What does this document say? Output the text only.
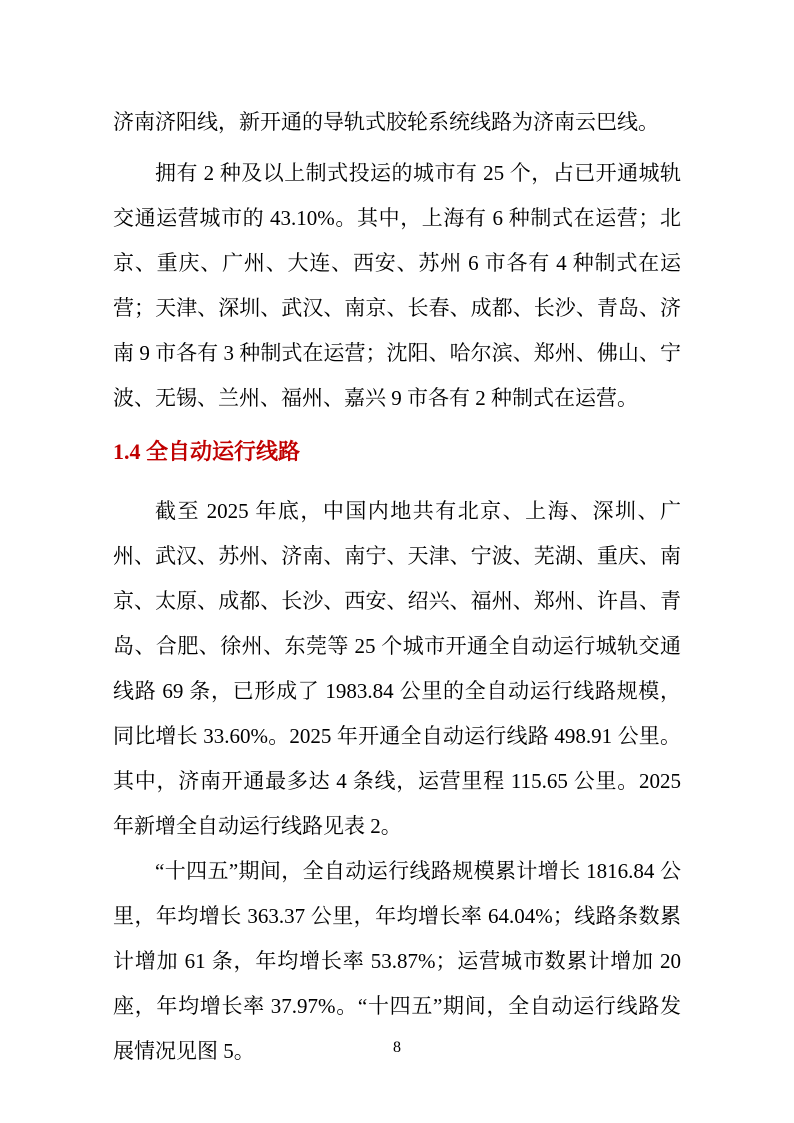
济南济阳线，新开通的导轨式胶轮系统线路为济南云巴线。

拥有 2 种及以上制式投运的城市有 25 个，占已开通城轨交通运营城市的 43.10%。其中，上海有 6 种制式在运营；北京、重庆、广州、大连、西安、苏州 6 市各有 4 种制式在运营；天津、深圳、武汉、南京、长春、成都、长沙、青岛、济南 9 市各有 3 种制式在运营；沈阳、哈尔滨、郑州、佛山、宁波、无锡、兰州、福州、嘉兴 9 市各有 2 种制式在运营。

1.4 全自动运行线路

截至 2025 年底，中国内地共有北京、上海、深圳、广州、武汉、苏州、济南、南宁、天津、宁波、芜湖、重庆、南京、太原、成都、长沙、西安、绍兴、福州、郑州、许昌、青岛、合肥、徐州、东莞等 25 个城市开通全自动运行城轨交通线路 69 条，已形成了 1983.84 公里的全自动运行线路规模，同比增长 33.60%。2025 年开通全自动运行线路 498.91 公里。其中，济南开通最多达 4 条线，运营里程 115.65 公里。2025 年新增全自动运行线路见表 2。

“十四五”期间，全自动运行线路规模累计增长 1816.84 公里，年均增长 363.37 公里，年均增长率 64.04%；线路条数累计增加 61 条，年均增长率 53.87%；运营城市数累计增加 20 座，年均增长率 37.97%。“十四五”期间，全自动运行线路发展情况见图 5。	8
